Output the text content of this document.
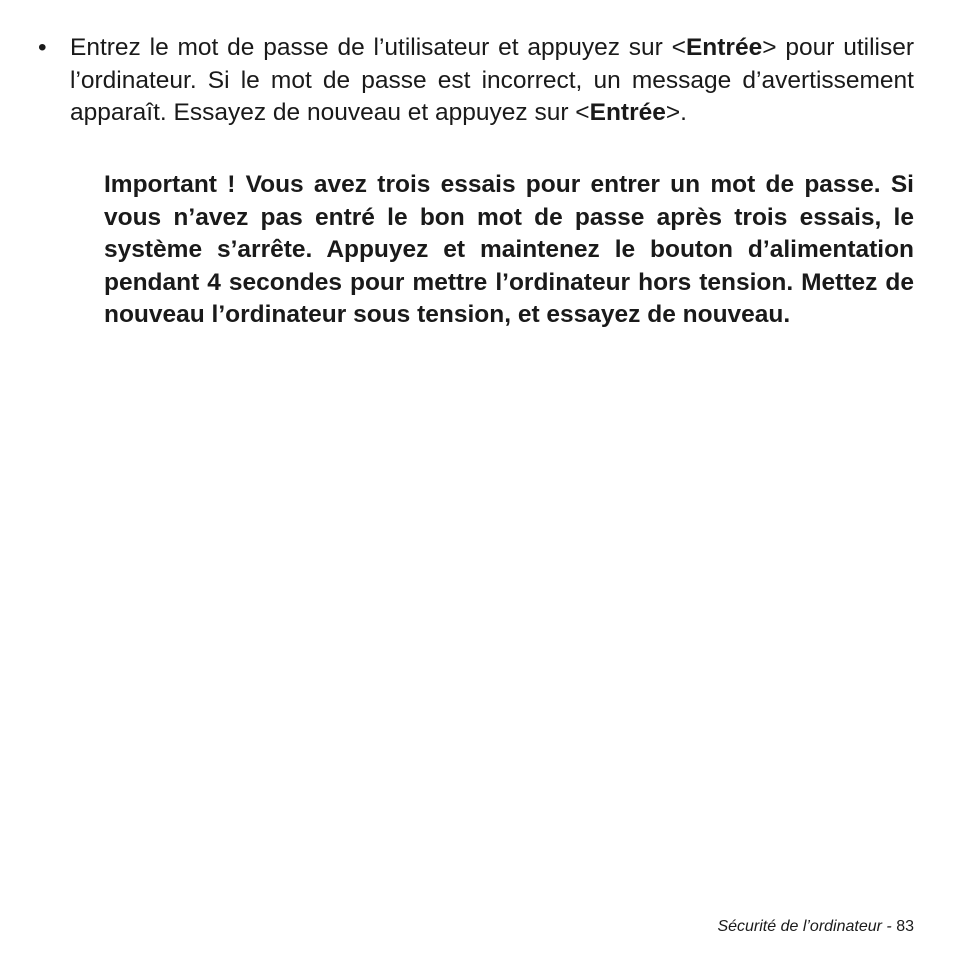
• Entrez le mot de passe de l’utilisateur et appuyez sur <Entrée> pour utiliser l’ordinateur. Si le mot de passe est incorrect, un message d’avertissement apparaît. Essayez de nouveau et appuyez sur <Entrée>.

Important ! Vous avez trois essais pour entrer un mot de passe. Si vous n’avez pas entré le bon mot de passe après trois essais, le système s’arrête. Appuyez et maintenez le bouton d’alimentation pendant 4 secondes pour mettre l’ordinateur hors tension. Mettez de nouveau l’ordinateur sous tension, et essayez de nouveau.

Sécurité de l’ordinateur - 83
